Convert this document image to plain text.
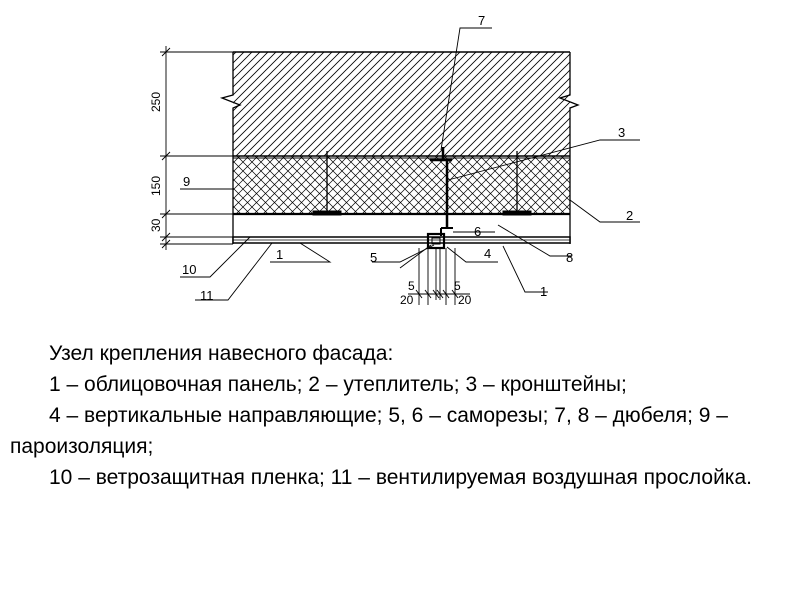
250
150
30
5	5
20	20
7
3
2
6
8
4
5
1
1
9
10
11

Узел крепления навесного фасада:

1 – облицовочная панель; 2 – утеплитель; 3 – кронштейны;

4 – вертикальные направляющие; 5, 6 – саморезы; 7, 8 – дюбеля; 9 – пароизоляция;

10 – ветрозащитная пленка; 11 – вентилируемая воздушная прослойка.
